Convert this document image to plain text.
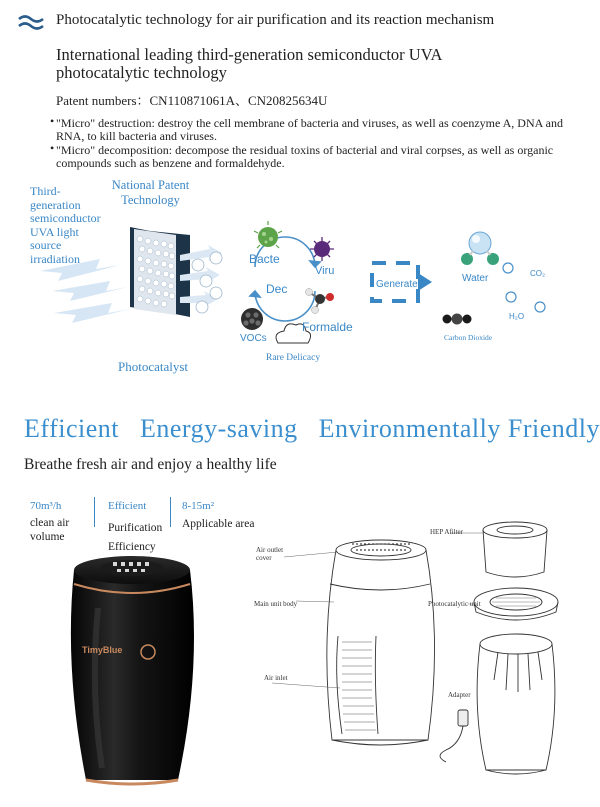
Photocatalytic technology for air purification and its reaction mechanism
International leading third-generation semiconductor UVA photocatalytic technology
Patent numbers：CN110871061A、CN20825634U
• "Micro" destruction: destroy the cell membrane of bacteria and viruses, as well as coenzyme A, DNA and RNA, to kill bacteria and viruses.
• "Micro" decomposition: decompose the residual toxins of bacterial and viral corpses, as well as organic compounds such as benzene and formaldehyde.
Third-generation semiconductor UVA light source irradiation
National Patent Technology
Bacte
Viru
Dec
VOCs
Formalde
Rare Delicacy
Generate
Water	CO₂
H₂O
Carbon Dioxide
Photocatalyst
Efficient   Energy-saving   Environmentally Friendly
Breathe fresh air and enjoy a healthy life
70m³/h
clean air volume
Efficient
Purification Efficiency
8-15m²
Applicable area
TimyBlue
Air outlet cover
Main unit body
Air inlet
HEP Afilter
Photocatalytic unit
Adapter
